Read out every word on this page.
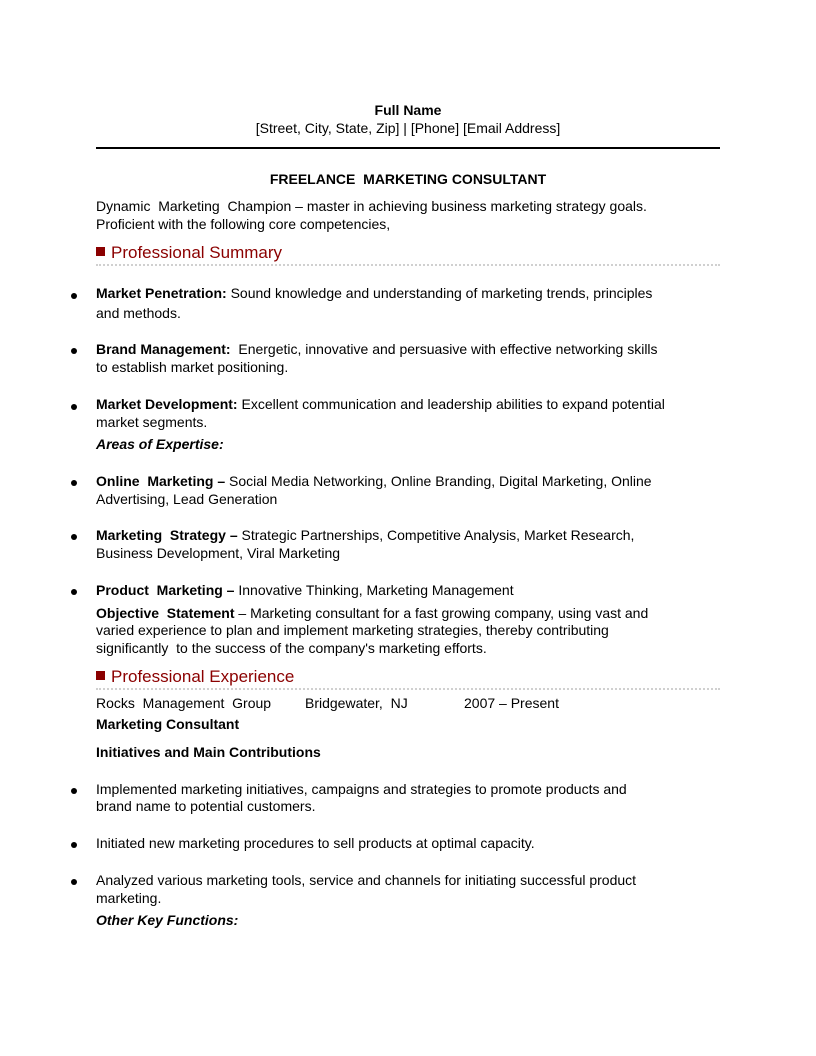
Full Name
[Street, City, State, Zip] | [Phone] [Email Address]
FREELANCE  MARKETING CONSULTANT
Dynamic  Marketing  Champion – master in achieving business marketing strategy goals.
Proficient with the following core competencies,
Professional Summary
Market Penetration: Sound knowledge and understanding of marketing trends, principles
and methods.
Brand Management:  Energetic, innovative and persuasive with effective networking skills
to establish market positioning.
Market Development: Excellent communication and leadership abilities to expand potential
market segments.
Areas of Expertise:
Online  Marketing – Social Media Networking, Online Branding, Digital Marketing, Online
Advertising, Lead Generation
Marketing  Strategy – Strategic Partnerships, Competitive Analysis, Market Research,
Business Development, Viral Marketing
Product  Marketing – Innovative Thinking, Marketing Management
Objective  Statement – Marketing consultant for a fast growing company, using vast and
varied experience to plan and implement marketing strategies, thereby contributing
significantly  to the success of the company's marketing efforts.
Professional Experience
Rocks  Management  Group Bridgewater,  NJ	2007 – Present
Marketing Consultant
Initiatives and Main Contributions
Implemented marketing initiatives, campaigns and strategies to promote products and
brand name to potential customers.
Initiated new marketing procedures to sell products at optimal capacity.
Analyzed various marketing tools, service and channels for initiating successful product
marketing.
Other Key Functions:
